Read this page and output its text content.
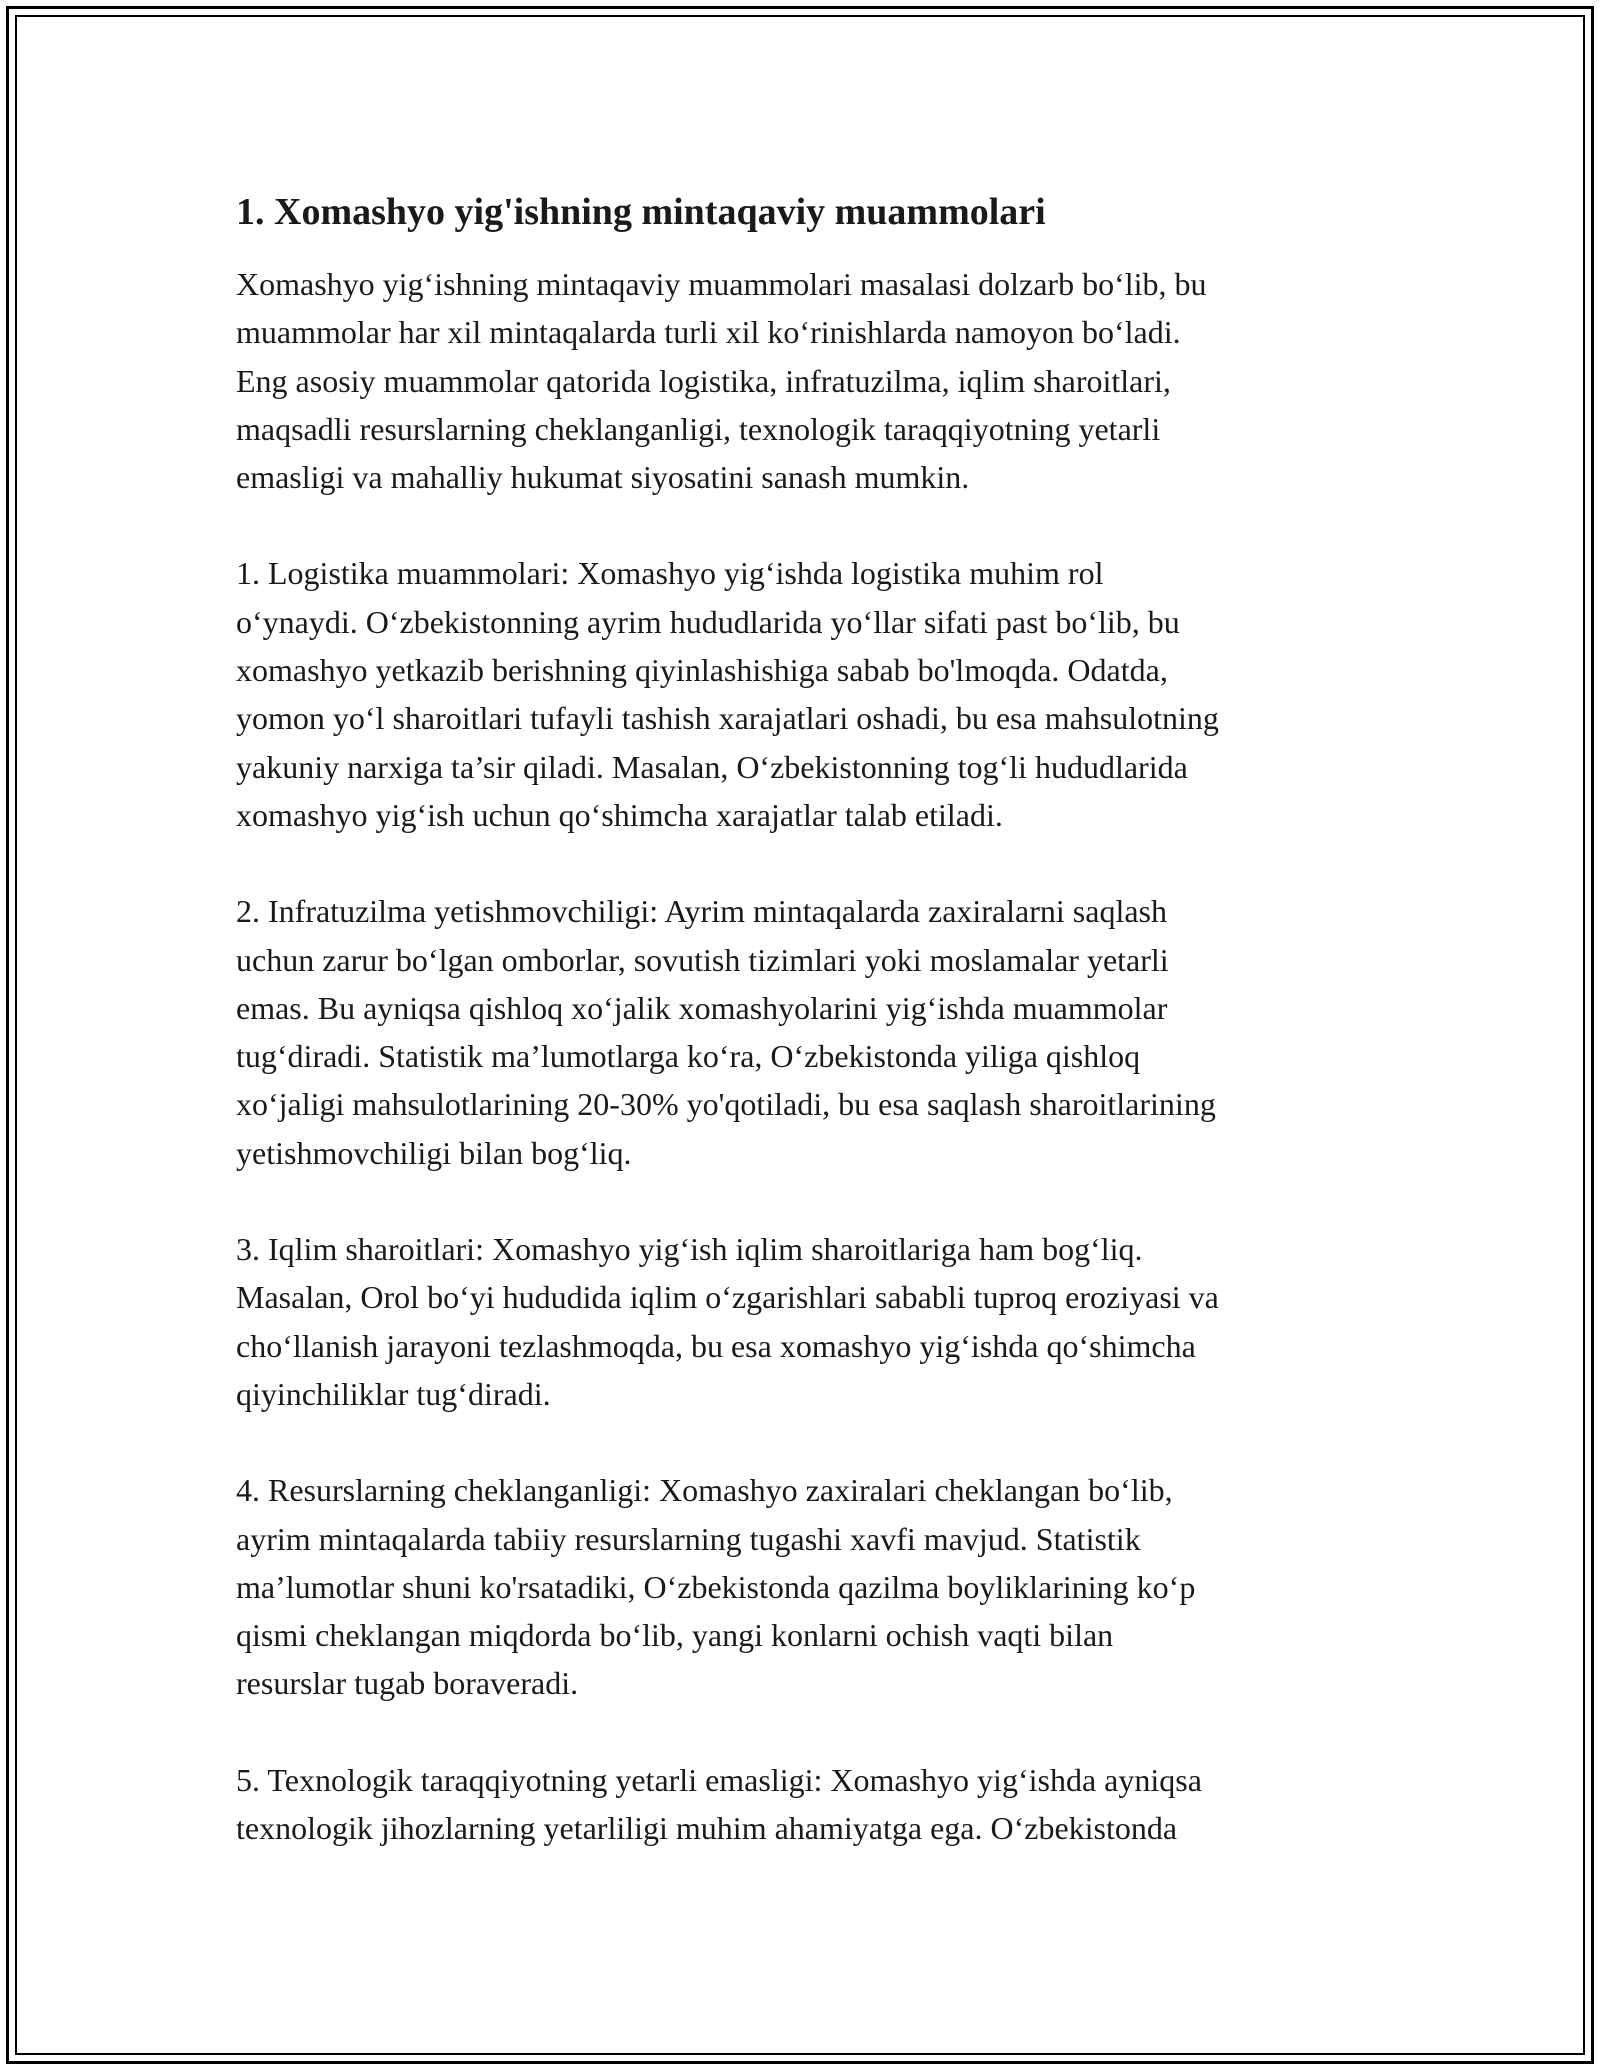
1. Xomashyo yig'ishning mintaqaviy muammolari

Xomashyo yig‘ishning mintaqaviy muammolari masalasi dolzarb bo‘lib, bu
muammolar har xil mintaqalarda turli xil ko‘rinishlarda namoyon bo‘ladi.
Eng asosiy muammolar qatorida logistika, infratuzilma, iqlim sharoitlari,
maqsadli resurslarning cheklanganligi, texnologik taraqqiyotning yetarli
emasligi va mahalliy hukumat siyosatini sanash mumkin.

1. Logistika muammolari: Xomashyo yig‘ishda logistika muhim rol
o‘ynaydi. O‘zbekistonning ayrim hududlarida yo‘llar sifati past bo‘lib, bu
xomashyo yetkazib berishning qiyinlashishiga sabab bo'lmoqda. Odatda,
yomon yo‘l sharoitlari tufayli tashish xarajatlari oshadi, bu esa mahsulotning
yakuniy narxiga ta’sir qiladi. Masalan, O‘zbekistonning tog‘li hududlarida
xomashyo yig‘ish uchun qo‘shimcha xarajatlar talab etiladi.

2. Infratuzilma yetishmovchiligi: Ayrim mintaqalarda zaxiralarni saqlash
uchun zarur bo‘lgan omborlar, sovutish tizimlari yoki moslamalar yetarli
emas. Bu ayniqsa qishloq xo‘jalik xomashyolarini yig‘ishda muammolar
tug‘diradi. Statistik ma’lumotlarga ko‘ra, O‘zbekistonda yiliga qishloq
xo‘jaligi mahsulotlarining 20-30% yo'qotiladi, bu esa saqlash sharoitlarining
yetishmovchiligi bilan bog‘liq.

3. Iqlim sharoitlari: Xomashyo yig‘ish iqlim sharoitlariga ham bog‘liq.
Masalan, Orol bo‘yi hududida iqlim o‘zgarishlari sababli tuproq eroziyasi va
cho‘llanish jarayoni tezlashmoqda, bu esa xomashyo yig‘ishda qo‘shimcha
qiyinchiliklar tug‘diradi.

4. Resurslarning cheklanganligi: Xomashyo zaxiralari cheklangan bo‘lib,
ayrim mintaqalarda tabiiy resurslarning tugashi xavfi mavjud. Statistik
ma’lumotlar shuni ko'rsatadiki, O‘zbekistonda qazilma boyliklarining ko‘p
qismi cheklangan miqdorda bo‘lib, yangi konlarni ochish vaqti bilan
resurslar tugab boraveradi.

5. Texnologik taraqqiyotning yetarli emasligi: Xomashyo yig‘ishda ayniqsa
texnologik jihozlarning yetarliligi muhim ahamiyatga ega. O‘zbekistonda
